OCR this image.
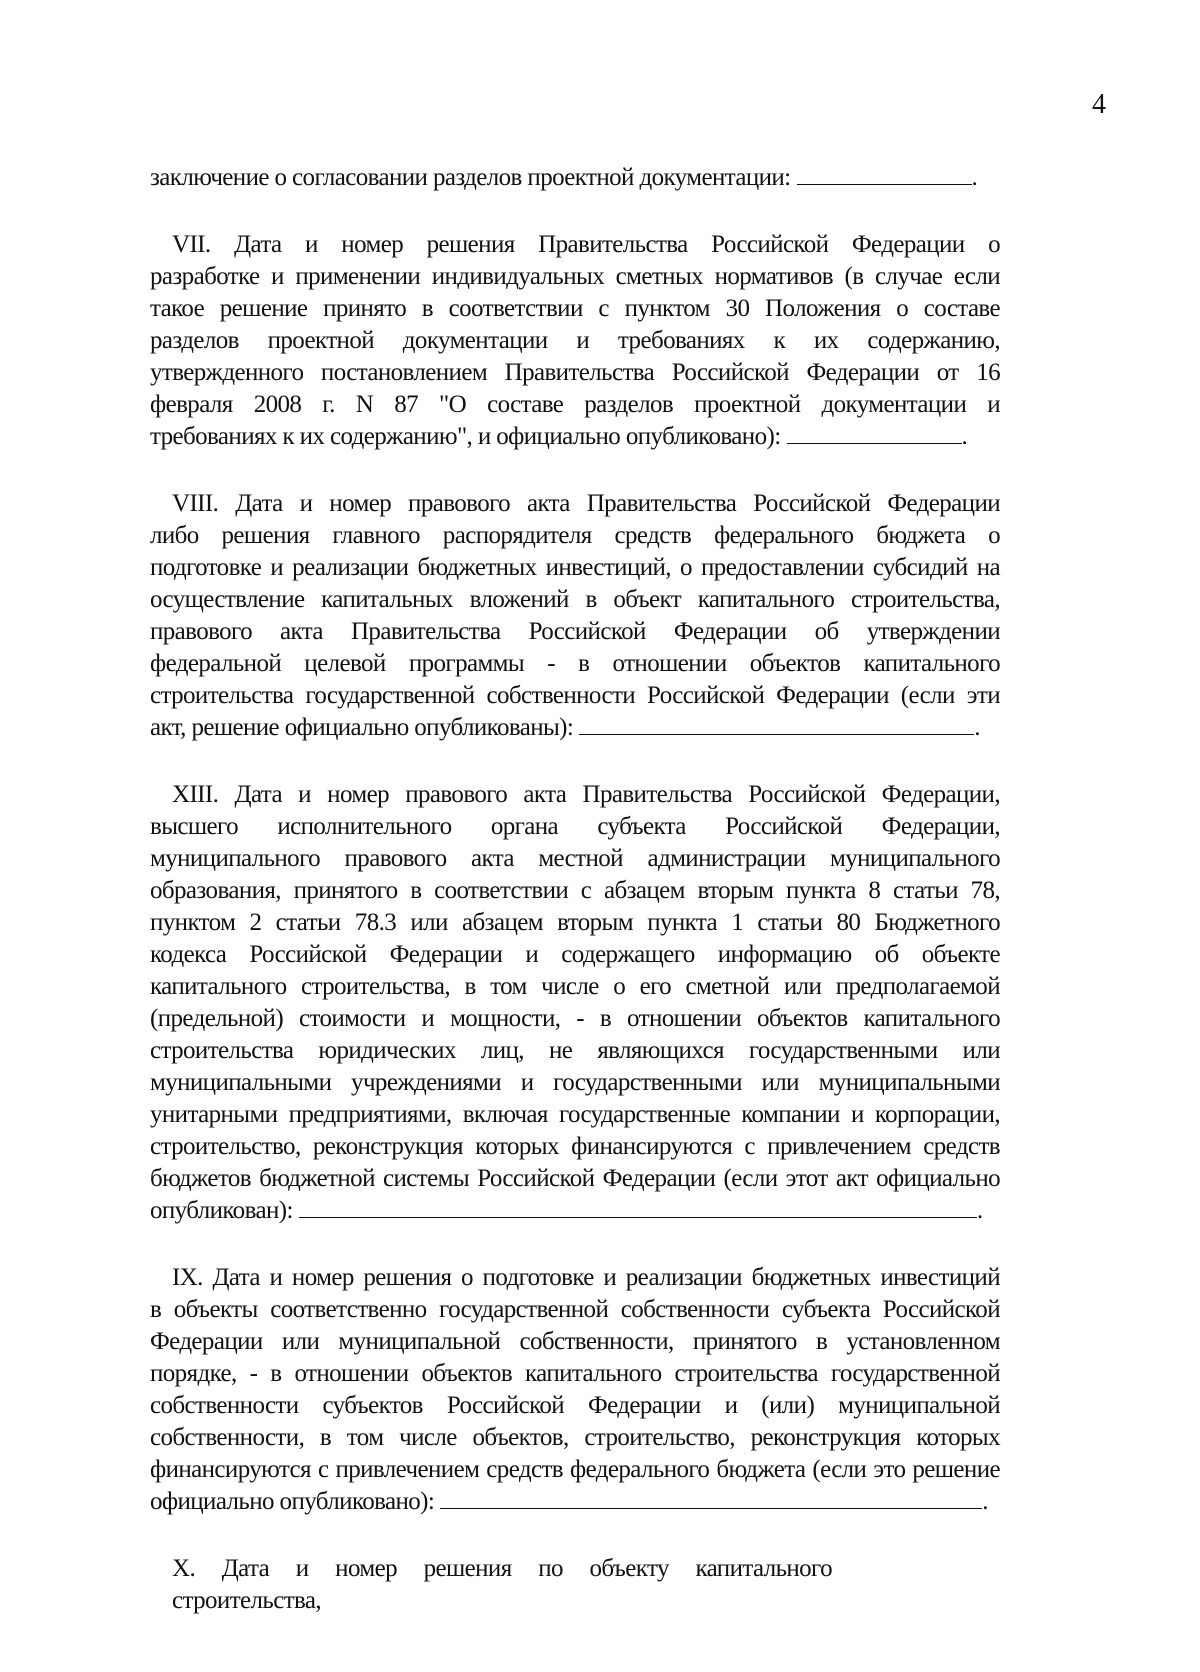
4
заключение о согласовании разделов проектной документации:	.
VII. Дата и номер решения Правительства Российской Федерации о
разработке и применении индивидуальных сметных нормативов (в случае если
такое решение принято в соответствии с пунктом 30 Положения о составе
разделов проектной документации и требованиях к их содержанию,
утвержденного постановлением Правительства Российской Федерации от 16
февраля 2008 г. N 87 "О составе разделов проектной документации и
требованиях к их содержанию", и официально опубликовано):	.
VIII. Дата и номер правового акта Правительства Российской Федерации
либо решения главного распорядителя средств федерального бюджета о
подготовке и реализации бюджетных инвестиций, о предоставлении субсидий на
осуществление капитальных вложений в объект капитального строительства,
правового акта Правительства Российской Федерации об утверждении
федеральной целевой программы - в отношении объектов капитального
строительства государственной собственности Российской Федерации (если эти
акт, решение официально опубликованы):	.
XIII. Дата и номер правового акта Правительства Российской Федерации,
высшего исполнительного органа субъекта Российской Федерации,
муниципального правового акта местной администрации муниципального
образования, принятого в соответствии с абзацем вторым пункта 8 статьи 78,
пунктом 2 статьи 78.3 или абзацем вторым пункта 1 статьи 80 Бюджетного
кодекса Российской Федерации и содержащего информацию об объекте
капитального строительства, в том числе о его сметной или предполагаемой
(предельной) стоимости и мощности, - в отношении объектов капитального
строительства юридических лиц, не являющихся государственными или
муниципальными учреждениями и государственными или муниципальными
унитарными предприятиями, включая государственные компании и корпорации,
строительство, реконструкция которых финансируются с привлечением средств
бюджетов бюджетной системы Российской Федерации (если этот акт официально
опубликован):	.
IX. Дата и номер решения о подготовке и реализации бюджетных инвестиций
в объекты соответственно государственной собственности субъекта Российской
Федерации или муниципальной собственности, принятого в установленном
порядке, - в отношении объектов капитального строительства государственной
собственности субъектов Российской Федерации и (или) муниципальной
собственности, в том числе объектов, строительство, реконструкция которых
финансируются с привлечением средств федерального бюджета (если это решение
официально опубликовано):	.
X. Дата и номер решения по объекту капитального строительства,
